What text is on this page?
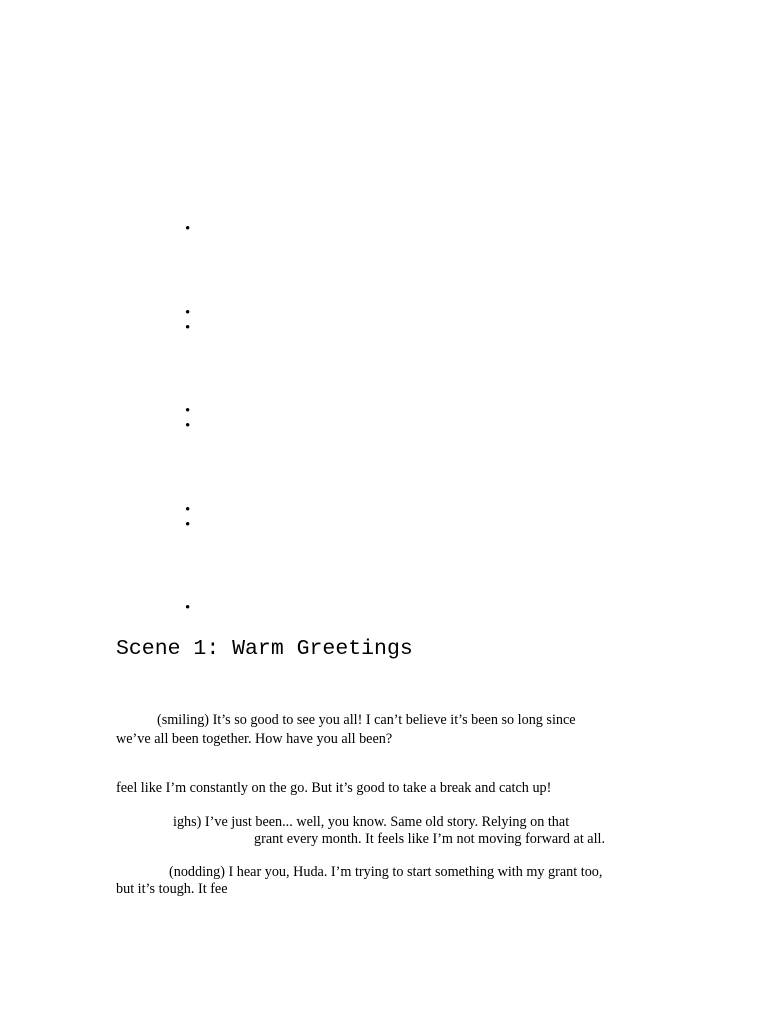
•
•
•
•
•
•
•
•
Scene 1: Warm Greetings
(smiling) It’s so good to see you all! I can’t believe it’s been so long since
we’ve all been together. How have you all been?
feel like I’m constantly on the go. But it’s good to take a break and catch up!
ighs) I’ve just been... well, you know. Same old story. Relying on that
grant every month. It feels like I’m not moving forward at all.
(nodding) I hear you, Huda. I’m trying to start something with my grant too,
but it’s tough. It fee
